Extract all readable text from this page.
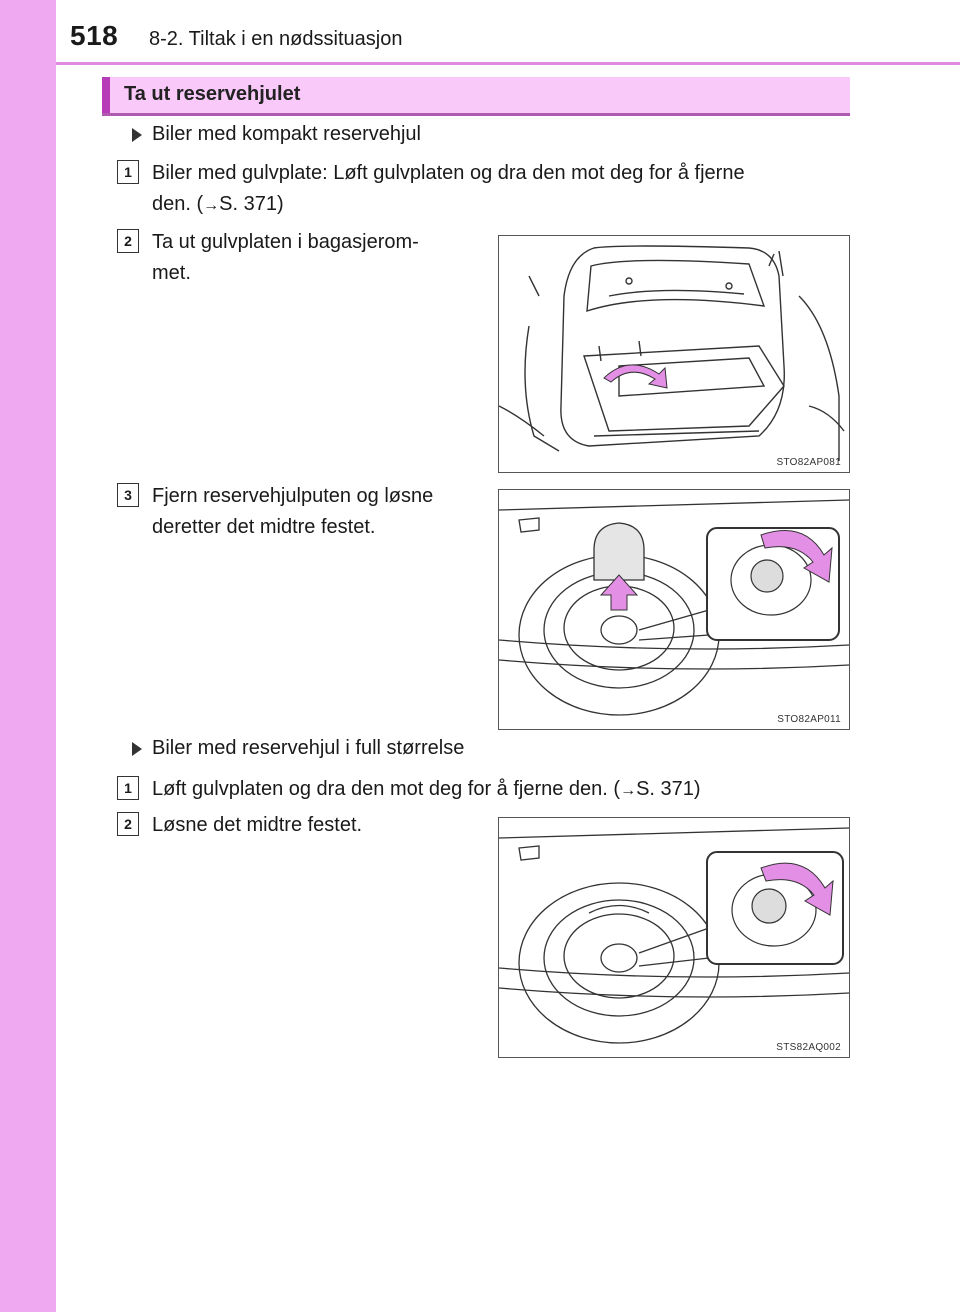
518 8-2. Tiltak i en nødssituasjon
Ta ut reservehjulet
Biler med kompakt reservehjul
1	Biler med gulvplate: Løft gulvplaten og dra den mot deg for å fjerne
den. (→S. 371)
2	Ta ut gulvplaten i bagasjerom-
met.
STO82AP081
3	Fjern reservehjulputen og løsne
deretter det midtre festet.
STO82AP011
Biler med reservehjul i full størrelse
1	Løft gulvplaten og dra den mot deg for å fjerne den. (→S. 371)
2	Løsne det midtre festet.
STS82AQ002
